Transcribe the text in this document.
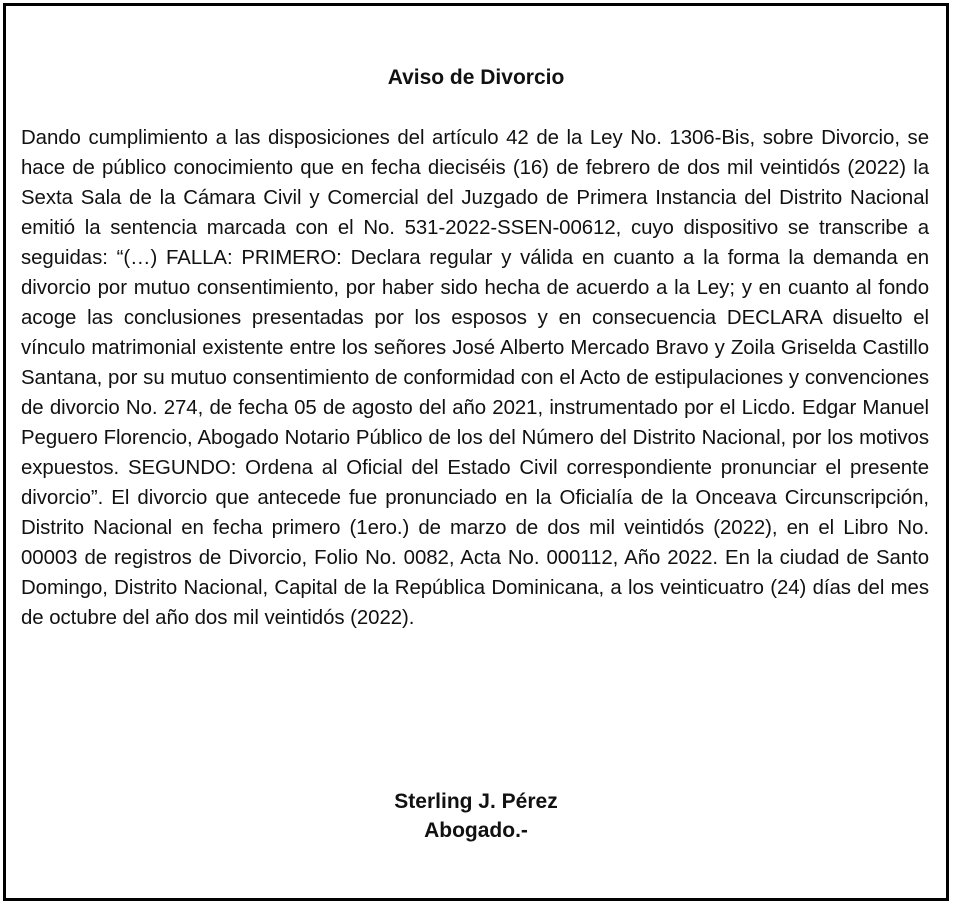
Aviso de Divorcio

Dando cumplimiento a las disposiciones del artículo 42 de la Ley No. 1306-Bis, sobre Divorcio, se hace de público conocimiento que en fecha dieciséis (16) de febrero de dos mil veintidós (2022) la Sexta Sala de la Cámara Civil y Comercial del Juzgado de Primera Instancia del Distrito Nacional emitió la sentencia marcada con el No. 531-2022-SSEN-00612, cuyo dispositivo se transcribe a seguidas: “(…) FALLA: PRIMERO: Declara regular y válida en cuanto a la forma la demanda en divorcio por mutuo consentimiento, por haber sido hecha de acuerdo a la Ley; y en cuanto al fondo acoge las conclusiones presentadas por los esposos y en consecuencia DECLARA disuelto el vínculo matrimonial existente entre los señores José Alberto Mercado Bravo y Zoila Griselda Castillo Santana, por su mutuo consentimiento de conformidad con el Acto de estipulaciones y convenciones de divorcio No. 274, de fecha 05 de agosto del año 2021, instrumentado por el Licdo. Edgar Manuel Peguero Florencio, Abogado Notario Público de los del Número del Distrito Nacional, por los motivos expuestos. SEGUNDO: Ordena al Oficial del Estado Civil correspondiente pronunciar el presente divorcio”. El divorcio que antecede fue pronunciado en la Oficialía de la Onceava Circunscripción, Distrito Nacional en fecha primero (1ero.) de marzo de dos mil veintidós (2022), en el Libro No. 00003 de registros de Divorcio, Folio No. 0082, Acta No. 000112, Año 2022. En la ciudad de Santo Domingo, Distrito Nacional, Capital de la República Dominicana, a los veinticuatro (24) días del mes de octubre del año dos mil veintidós (2022).

Sterling J. Pérez
Abogado.-
